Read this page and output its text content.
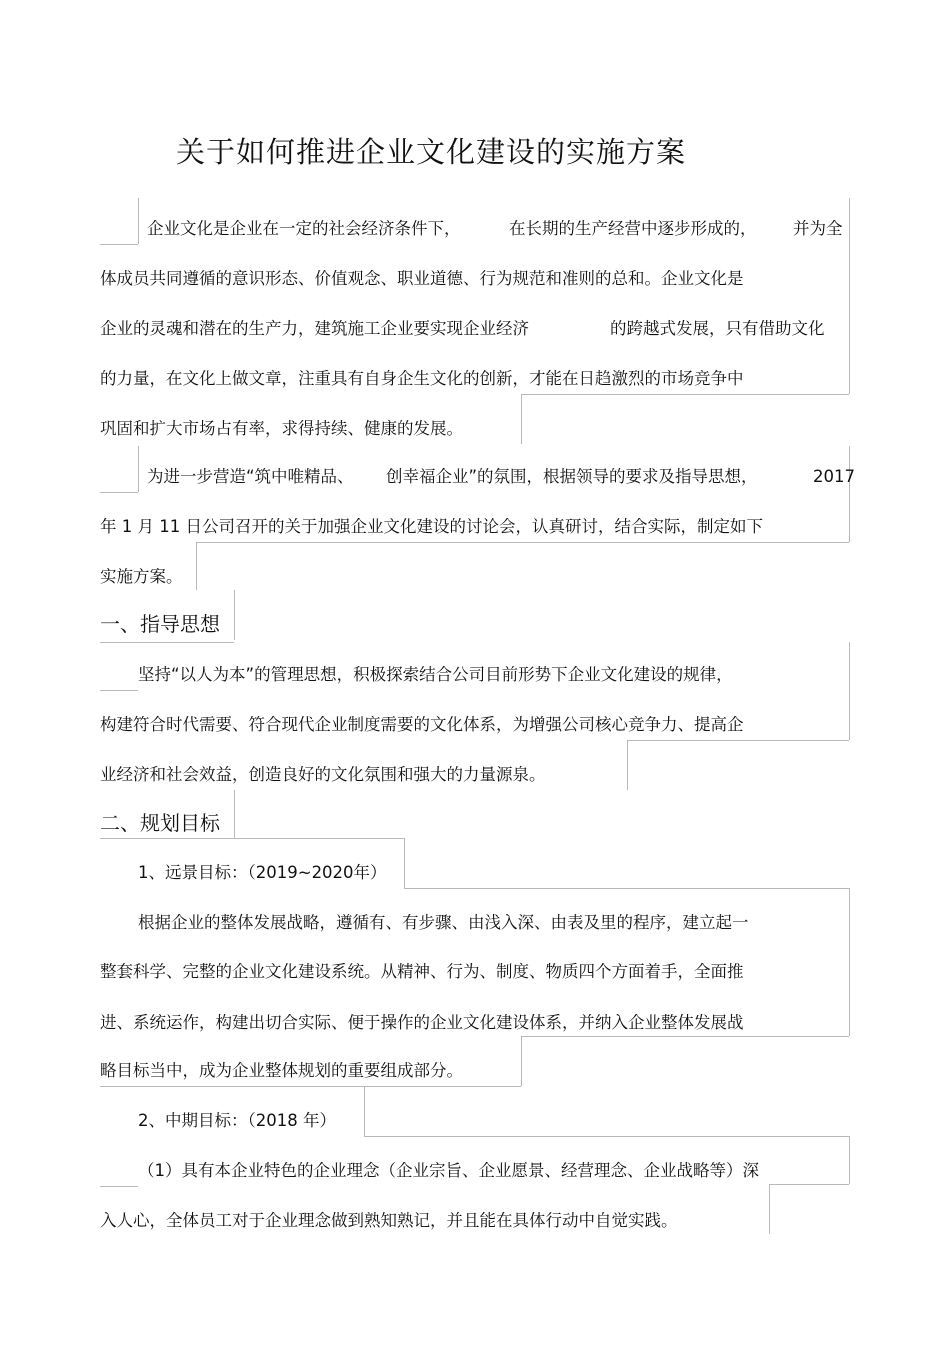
关于如何推进企业文化建设的实施方案
企业文化是企业在一定的社会经济条件下，	在长期的生产经营中逐步形成的， 并为全
体成员共同遵循的意识形态、价值观念、职业道德、行为规范和准则的总和。企业文化是
企业的灵魂和潜在的生产力，建筑施工企业要实现企业经济	的跨越式发展，只有借助文化
的力量，在文化上做文章，注重具有自身企生文化的创新，才能在日趋激烈的市场竞争中
巩固和扩大市场占有率，求得持续、健康的发展。
为进一步营造“筑中唯精品、 创幸福企业”的氛围，根据领导的要求及指导思想，	2017
年 1 月 11 日公司召开的关于加强企业文化建设的讨论会，认真研讨，结合实际，制定如下
实施方案。
一、指导思想
坚持“以人为本”的管理思想，积极探索结合公司目前形势下企业文化建设的规律，
构建符合时代需要、符合现代企业制度需要的文化体系，为增强公司核心竞争力、提高企
业经济和社会效益，创造良好的文化氛围和强大的力量源泉。
二、规划目标
1、远景目标：（2019~2020年）
根据企业的整体发展战略，遵循有、有步骤、由浅入深、由表及里的程序，建立起一
整套科学、完整的企业文化建设系统。从精神、行为、制度、物质四个方面着手，全面推
进、系统运作，构建出切合实际、便于操作的企业文化建设体系，并纳入企业整体发展战
略目标当中，成为企业整体规划的重要组成部分。
2、中期目标：（2018 年）
（1）具有本企业特色的企业理念（企业宗旨、企业愿景、经营理念、企业战略等）深
入人心，全体员工对于企业理念做到熟知熟记，并且能在具体行动中自觉实践。
